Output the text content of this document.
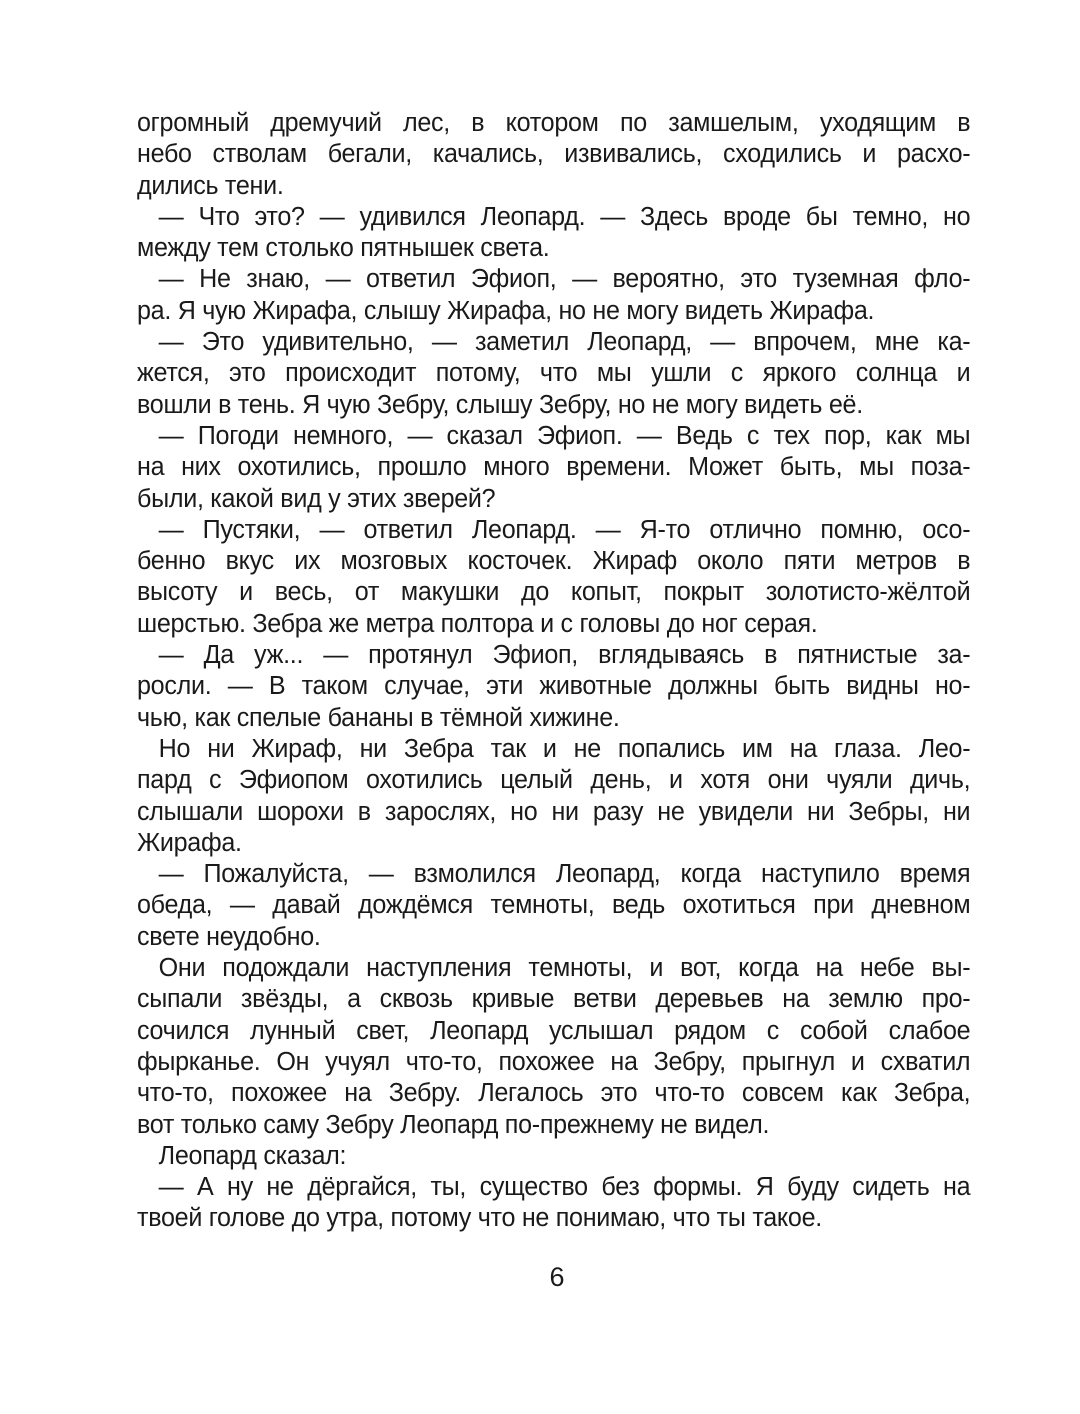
огромный дремучий лес, в котором по замшелым, уходящим в
небо стволам бегали, качались, извивались, сходились и расхо-
дились тени.
— Что это? — удивился Леопард. — Здесь вроде бы темно, но
между тем столько пятнышек света.
— Не знаю, — ответил Эфиоп, — вероятно, это туземная фло-
ра. Я чую Жирафа, слышу Жирафа, но не могу видеть Жирафа.
— Это удивительно, — заметил Леопард, — впрочем, мне ка-
жется, это происходит потому, что мы ушли с яркого солнца и
вошли в тень. Я чую Зебру, слышу Зебру, но не могу видеть её.
— Погоди немного, — сказал Эфиоп. — Ведь с тех пор, как мы
на них охотились, прошло много времени. Может быть, мы поза-
были, какой вид у этих зверей?
— Пустяки, — ответил Леопард. — Я-то отлично помню, осо-
бенно вкус их мозговых косточек. Жираф около пяти метров в
высоту и весь, от макушки до копыт, покрыт золотисто-жёлтой
шерстью. Зебра же метра полтора и с головы до ног серая.
— Да уж... — протянул Эфиоп, вглядываясь в пятнистые за-
росли. — В таком случае, эти животные должны быть видны но-
чью, как спелые бананы в тёмной хижине.
Но ни Жираф, ни Зебра так и не попались им на глаза. Лео-
пард с Эфиопом охотились целый день, и хотя они чуяли дичь,
слышали шорохи в зарослях, но ни разу не увидели ни Зебры, ни
Жирафа.
— Пожалуйста, — взмолился Леопард, когда наступило время
обеда, — давай дождёмся темноты, ведь охотиться при дневном
свете неудобно.
Они подождали наступления темноты, и вот, когда на небе вы-
сыпали звёзды, а сквозь кривые ветви деревьев на землю про-
сочился лунный свет, Леопард услышал рядом с собой слабое
фырканье. Он учуял что-то, похожее на Зебру, прыгнул и схватил
что-то, похожее на Зебру. Легалось это что-то совсем как Зебра,
вот только саму Зебру Леопард по-прежнему не видел.
Леопард сказал:
— А ну не дёргайся, ты, существо без формы. Я буду сидеть на
твоей голове до утра, потому что не понимаю, что ты такое.
6
